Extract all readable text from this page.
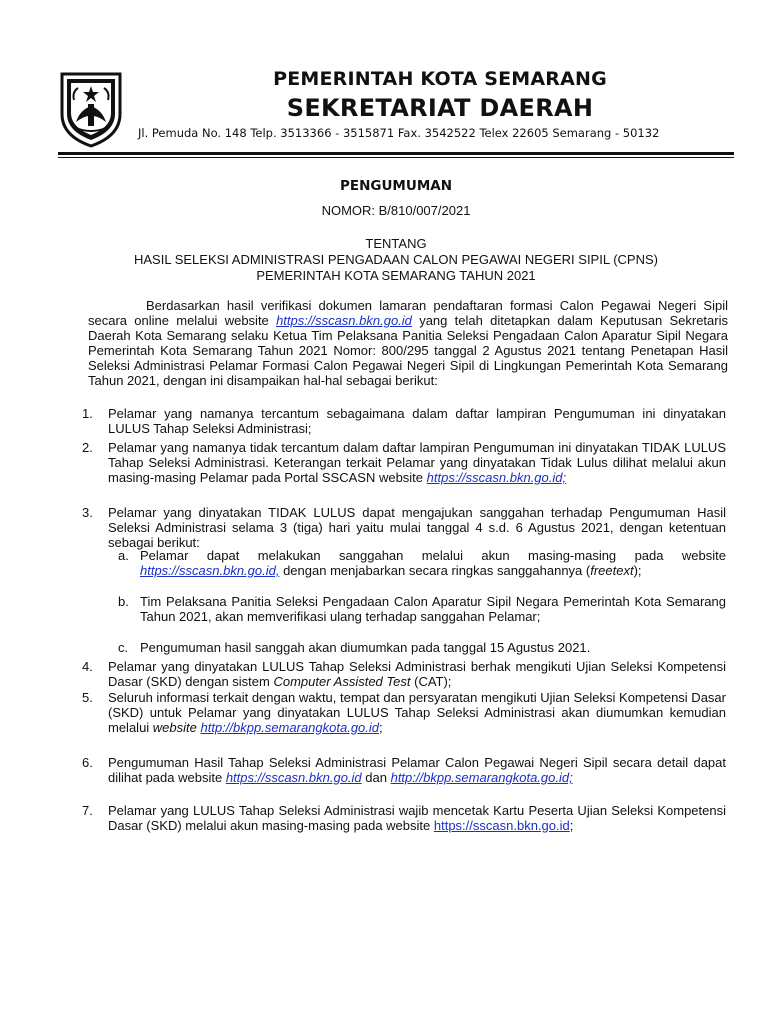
PEMERINTAH KOTA SEMARANG
SEKRETARIAT DAERAH
Jl. Pemuda No. 148 Telp. 3513366 - 3515871 Fax. 3542522 Telex 22605 Semarang - 50132
PENGUMUMAN
NOMOR: B/810/007/2021
TENTANG
HASIL SELEKSI ADMINISTRASI PENGADAAN CALON PEGAWAI NEGERI SIPIL (CPNS)
PEMERINTAH KOTA SEMARANG TAHUN 2021
Berdasarkan hasil verifikasi dokumen lamaran pendaftaran formasi Calon Pegawai Negeri Sipil secara online melalui website https://sscasn.bkn.go.id yang telah ditetapkan dalam Keputusan Sekretaris Daerah Kota Semarang selaku Ketua Tim Pelaksana Panitia Seleksi Pengadaan Calon Aparatur Sipil Negara Pemerintah Kota Semarang Tahun 2021 Nomor: 800/295 tanggal 2 Agustus 2021 tentang Penetapan Hasil Seleksi Administrasi Pelamar Formasi Calon Pegawai Negeri Sipil di Lingkungan Pemerintah Kota Semarang Tahun 2021, dengan ini disampaikan hal-hal sebagai berikut:
1. Pelamar yang namanya tercantum sebagaimana dalam daftar lampiran Pengumuman ini dinyatakan LULUS Tahap Seleksi Administrasi;
2. Pelamar yang namanya tidak tercantum dalam daftar lampiran Pengumuman ini dinyatakan TIDAK LULUS Tahap Seleksi Administrasi. Keterangan terkait Pelamar yang dinyatakan Tidak Lulus dilihat melalui akun masing-masing Pelamar pada Portal SSCASN website https://sscasn.bkn.go.id;
3. Pelamar yang dinyatakan TIDAK LULUS dapat mengajukan sanggahan terhadap Pengumuman Hasil Seleksi Administrasi selama 3 (tiga) hari yaitu mulai tanggal 4 s.d. 6 Agustus 2021, dengan ketentuan sebagai berikut:
a. Pelamar dapat melakukan sanggahan melalui akun masing-masing pada website https://sscasn.bkn.go.id, dengan menjabarkan secara ringkas sanggahannya (freetext);
b. Tim Pelaksana Panitia Seleksi Pengadaan Calon Aparatur Sipil Negara Pemerintah Kota Semarang Tahun 2021, akan memverifikasi ulang terhadap sanggahan Pelamar;
c. Pengumuman hasil sanggah akan diumumkan pada tanggal 15 Agustus 2021.
4. Pelamar yang dinyatakan LULUS Tahap Seleksi Administrasi berhak mengikuti Ujian Seleksi Kompetensi Dasar (SKD) dengan sistem Computer Assisted Test (CAT);
5. Seluruh informasi terkait dengan waktu, tempat dan persyaratan mengikuti Ujian Seleksi Kompetensi Dasar (SKD) untuk Pelamar yang dinyatakan LULUS Tahap Seleksi Administrasi akan diumumkan kemudian melalui website http://bkpp.semarangkota.go.id;
6. Pengumuman Hasil Tahap Seleksi Administrasi Pelamar Calon Pegawai Negeri Sipil secara detail dapat dilihat pada website https://sscasn.bkn.go.id dan http://bkpp.semarangkota.go.id;
7. Pelamar yang LULUS Tahap Seleksi Administrasi wajib mencetak Kartu Peserta Ujian Seleksi Kompetensi Dasar (SKD) melalui akun masing-masing pada website https://sscasn.bkn.go.id;
